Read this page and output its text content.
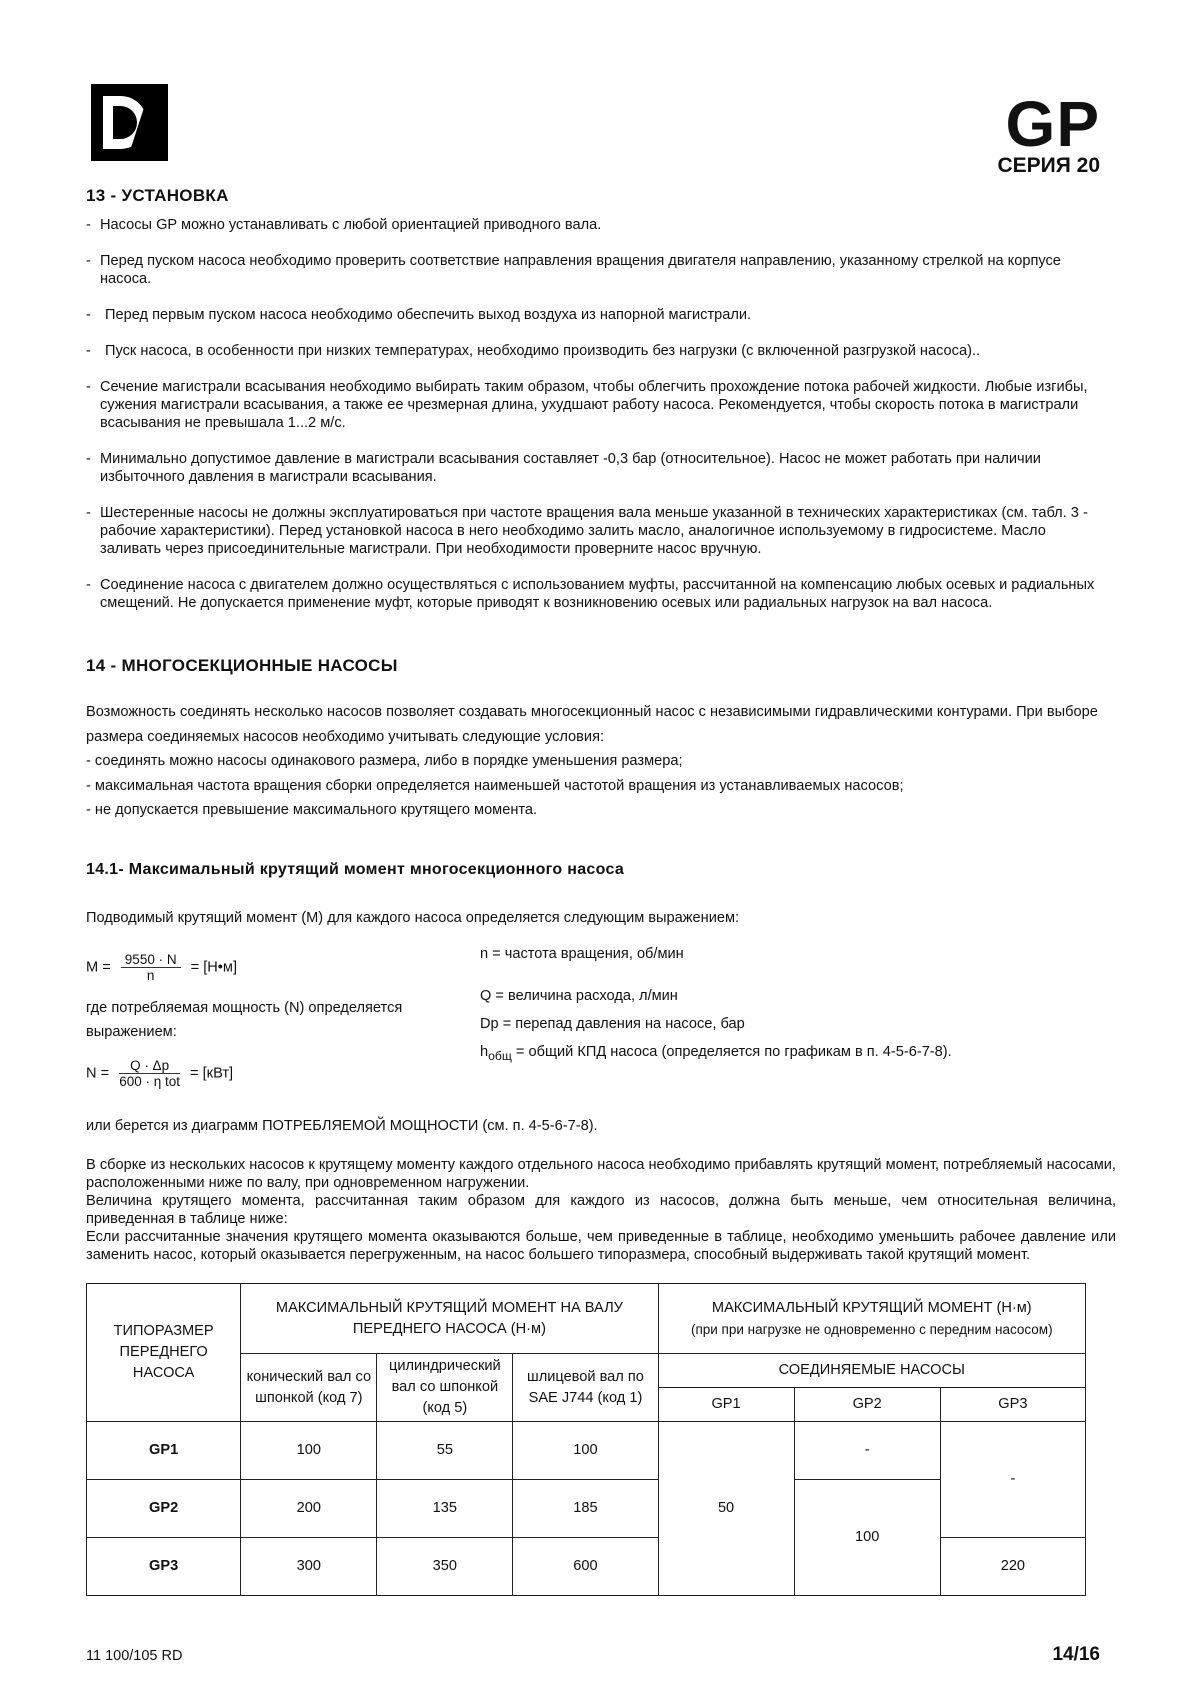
GP
СЕРИЯ 20
13 - УСТАНОВКА
- Насосы GP можно устанавливать с любой ориентацией приводного вала.
- Перед пуском насоса необходимо проверить соответствие направления вращения двигателя направлению, указанному стрелкой на корпусе насоса.
- Перед первым пуском насоса необходимо обеспечить выход воздуха из напорной магистрали.
- Пуск насоса, в особенности при низких температурах, необходимо производить без нагрузки (с включенной разгрузкой насоса)..
- Сечение магистрали всасывания необходимо выбирать таким образом, чтобы облегчить прохождение потока рабочей жидкости. Любые изгибы, сужения магистрали всасывания, а также ее чрезмерная длина, ухудшают работу насоса. Рекомендуется, чтобы скорость потока в магистрали всасывания не превышала 1...2 м/с.
- Минимально допустимое давление в магистрали всасывания составляет -0,3 бар (относительное). Насос не может работать при наличии избыточного давления в магистрали всасывания.
- Шестеренные насосы не должны эксплуатироваться при частоте вращения вала меньше указанной в технических характеристиках (см. табл. 3 - рабочие характеристики). Перед установкой насоса в него необходимо залить масло, аналогичное используемому в гидросистеме. Масло заливать через присоединительные магистрали. При необходимости проверните насос вручную.
- Соединение насоса с двигателем должно осуществляться с использованием муфты, рассчитанной на компенсацию любых осевых и радиальных смещений. Не допускается применение муфт, которые приводят к возникновению осевых или радиальных нагрузок на вал насоса.
14 - МНОГОСЕКЦИОННЫЕ НАСОСЫ

Возможность соединять несколько насосов позволяет создавать многосекционный насос с независимыми гидравлическими контурами. При выборе размера соединяемых насосов необходимо учитывать следующие условия:

- соединять можно насосы одинакового размера, либо в порядке уменьшения размера;

- максимальная частота вращения сборки определяется наименьшей частотой вращения из устанавливаемых насосов;

- не допускается превышение максимального крутящего момента.

14.1- Максимальный крутящий момент многосекционного насоса
Подводимый крутящий момент (М) для каждого насоса определяется следующим выражением:
$M = \frac{9550 \cdot N}{n}$ = [Н•м]
где потребляемая мощность (N) определяется
выражением:
$N = \frac{Q \cdot \Delta p}{\text{600 · η tot}} = [кВт]$
n = частота вращения, об/мин
Q = величина расхода, л/мин
Dp = перепад давления на насосе, бар
$h_{общ}$ = общий КПД насоса (определяется по графикам в п. 4-5-6-7-8).
или берется из диаграмм ПОТРЕБЛЯЕМОЙ МОЩНОСТИ (см. п. 4-5-6-7-8).

В сборке из нескольких насосов к крутящему моменту каждого отдельного насоса необходимо прибавлять крутящий момент, потребляемый насосами, расположенными ниже по валу, при одновременном нагружении.

Величина крутящего момента, рассчитанная таким образом для каждого из насосов, должна быть меньше, чем относительная величина, приведенная в таблице ниже:

Если рассчитанные значения крутящего момента оказываются больше, чем приведенные в таблице, необходимо уменьшить рабочее давление или заменить насос, который оказывается перегруженным, на насос большего типоразмера, способный выдерживать такой крутящий момент.

ТИПОРАЗМЕР ПЕРЕДНЕГО НАСОСА	МАКСИМАЛЬНЫЙ КРУТЯЩИЙ МОМЕНТ НА ВАЛУ ПЕРЕДНЕГО НАСОСА (Н·м)			МАКСИМАЛЬНЫЙ КРУТЯЩИЙ МОМЕНТ (Н·м)
(при при нагрузке не одновременно с передним насосом)		

	конический вал со шпонкой (код 7)	цилиндрический вал со шпонкой (код 5)	шлицевой вал по SAE J744 (код 1)	СОЕДИНЯЕМЫЕ НАСОСЫ		
				GP1	GP2	GP3
GP1	100	55	100	50	-	-
GP2	200	135	185		100	
GP3	300	350	600			220
11 100/105 RD	14/16
